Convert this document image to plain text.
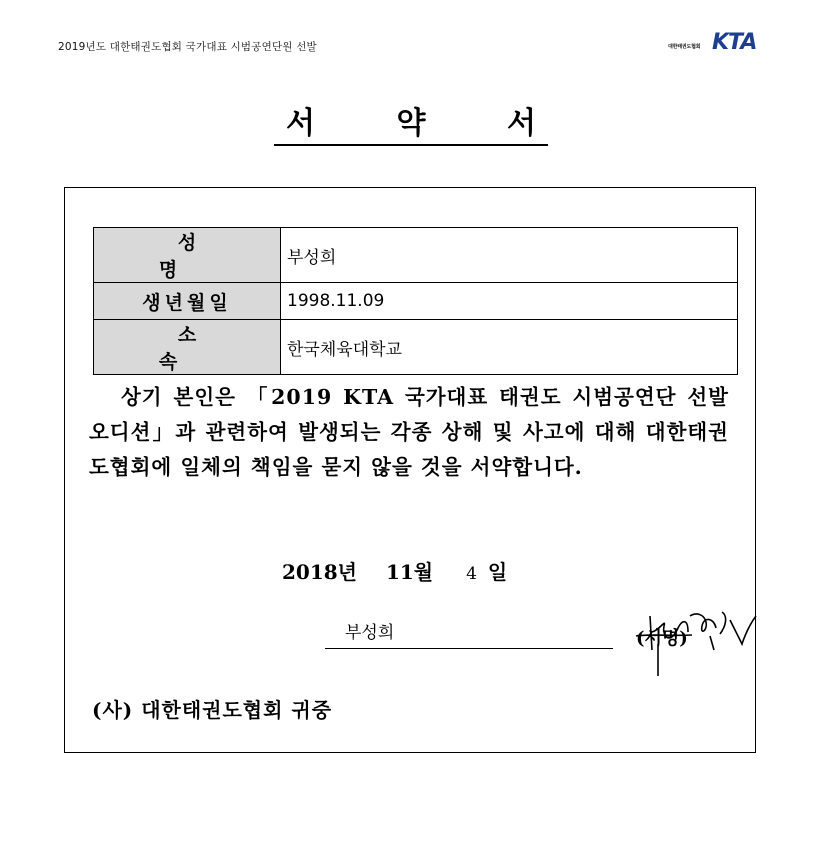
2019년도 대한태권도협회 국가대표 시범공연단원 선발	대한태권도협회 KTA
서	약	서
성 명	부성희
생년월일	1998.11.09
소 속	한국체육대학교
상기 본인은 「2019 KTA 국가대표 태권도 시범공연단 선발 오디션」과 관련하여 발생되는 각종 상해 및 사고에 대해 대한태권도협회에 일체의 책임을 묻지 않을 것을 서약합니다.
2018년 11월 4 일
부성희	(서명)
(사) 대한태권도협회 귀중
